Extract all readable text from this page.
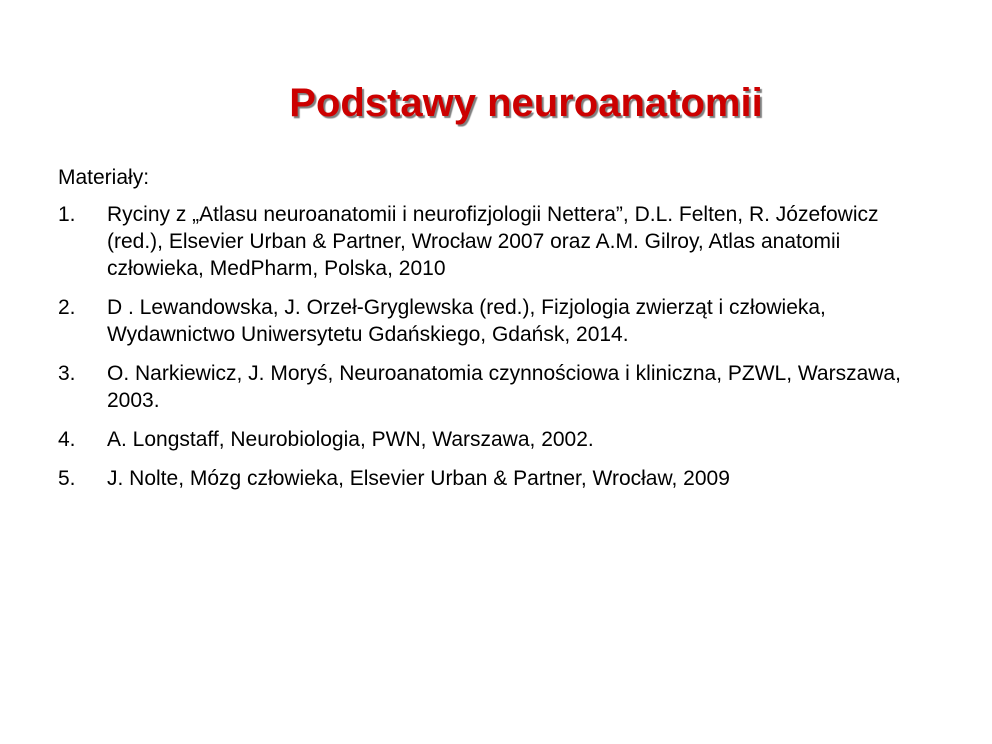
Podstawy neuroanatomii

Materiały:

1.	Ryciny z „Atlasu neuroanatomii i neurofizjologii Nettera”, D.L. Felten, R. Józefowicz (red.), Elsevier Urban & Partner, Wrocław 2007 oraz A.M. Gilroy, Atlas anatomii człowieka, MedPharm, Polska, 2010
2.	D . Lewandowska, J. Orzeł-Gryglewska (red.), Fizjologia zwierząt i człowieka, Wydawnictwo Uniwersytetu Gdańskiego, Gdańsk, 2014.
3.	O. Narkiewicz, J. Moryś, Neuroanatomia czynnościowa i kliniczna, PZWL, Warszawa, 2003.
4.	A. Longstaff, Neurobiologia, PWN, Warszawa, 2002.
5.	J. Nolte, Mózg człowieka, Elsevier Urban & Partner, Wrocław, 2009
